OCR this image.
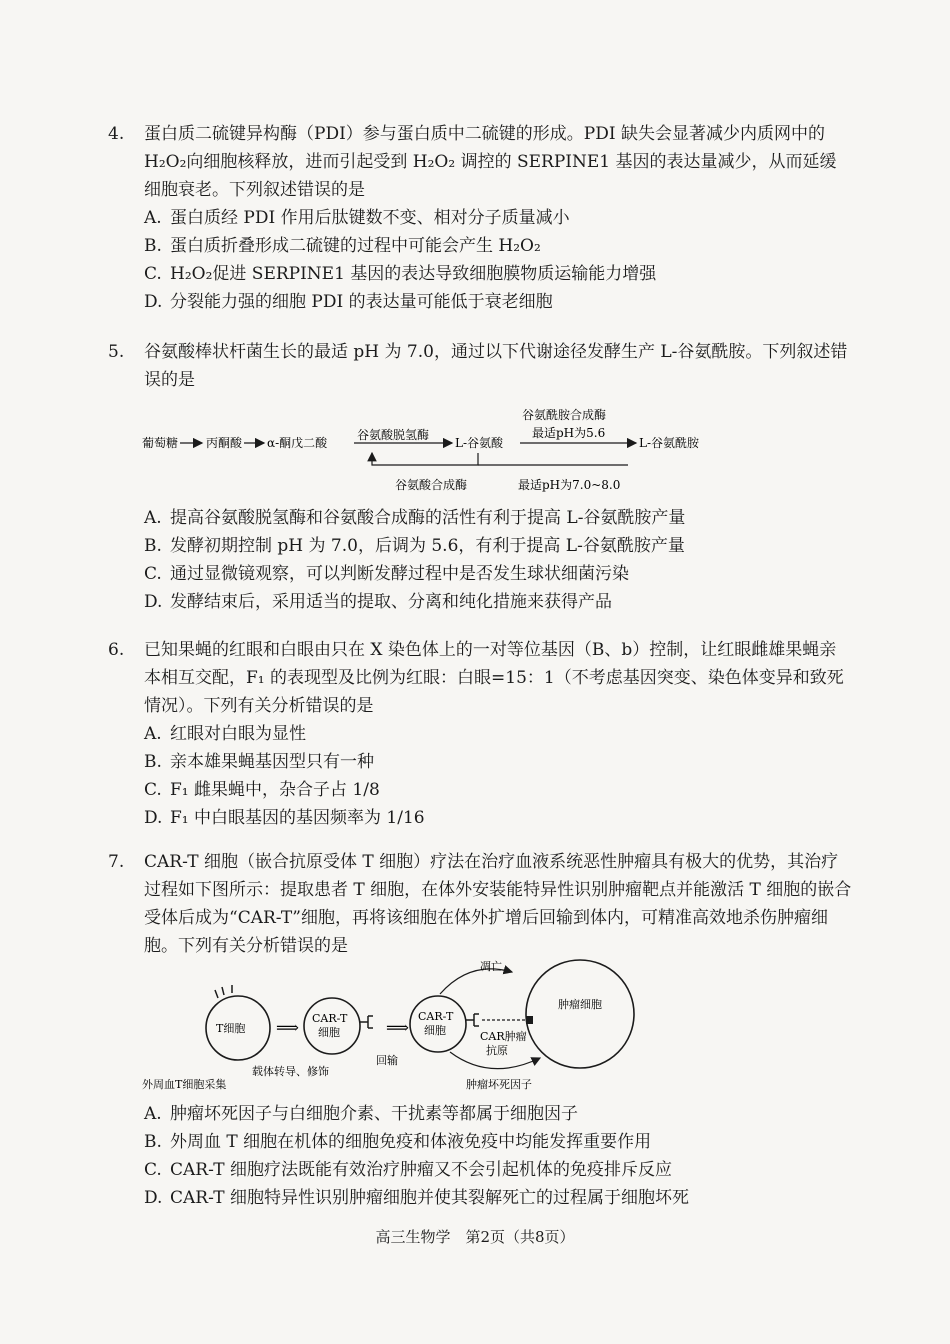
4.	蛋白质二硫键异构酶（PDI）参与蛋白质中二硫键的形成。PDI 缺失会显著减少内质网中的 H₂O₂向细胞核释放，进而引起受到 H₂O₂ 调控的 SERPINE1 基因的表达量减少，从而延缓细胞衰老。下列叙述错误的是
A. 蛋白质经 PDI 作用后肽键数不变、相对分子质量减小
B. 蛋白质折叠形成二硫键的过程中可能会产生 H₂O₂
C. H₂O₂促进 SERPINE1 基因的表达导致细胞膜物质运输能力增强
D. 分裂能力强的细胞 PDI 的表达量可能低于衰老细胞
5.	谷氨酸棒状杆菌生长的最适 pH 为 7.0，通过以下代谢途径发酵生产 L-谷氨酰胺。下列叙述错误的是
A. 提高谷氨酸脱氢酶和谷氨酸合成酶的活性有利于提高 L-谷氨酰胺产量
B. 发酵初期控制 pH 为 7.0，后调为 5.6，有利于提高 L-谷氨酰胺产量
C. 通过显微镜观察，可以判断发酵过程中是否发生球状细菌污染
D. 发酵结束后，采用适当的提取、分离和纯化措施来获得产品
葡萄糖 丙酮酸 α-酮戊二酸
谷氨酸脱氢酶
L-谷氨酸
谷氨酰胺合成酶
最适pH为5.6
L-谷氨酰胺
谷氨酸合成酶	最适pH为7.0~8.0
6.	已知果蝇的红眼和白眼由只在 X 染色体上的一对等位基因（B、b）控制，让红眼雌雄果蝇亲本相互交配，F₁ 的表现型及比例为红眼：白眼=15：1（不考虑基因突变、染色体变异和致死情况）。下列有关分析错误的是
A. 红眼对白眼为显性
B. 亲本雄果蝇基因型只有一种
C. F₁ 雌果蝇中，杂合子占 1/8
D. F₁ 中白眼基因的基因频率为 1/16
7.	CAR-T 细胞（嵌合抗原受体 T 细胞）疗法在治疗血液系统恶性肿瘤具有极大的优势，其治疗过程如下图所示：提取患者 T 细胞，在体外安装能特异性识别肿瘤靶点并能激活 T 细胞的嵌合受体后成为“CAR-T”细胞，再将该细胞在体外扩增后回输到体内，可精准高效地杀伤肿瘤细胞。下列有关分析错误的是
A. 肿瘤坏死因子与白细胞介素、干扰素等都属于细胞因子
B. 外周血 T 细胞在机体的细胞免疫和体液免疫中均能发挥重要作用
C. CAR-T 细胞疗法既能有效治疗肿瘤又不会引起机体的免疫排斥反应
D. CAR-T 细胞特异性识别肿瘤细胞并使其裂解死亡的过程属于细胞坏死
T细胞 ⟹ CAR-T
细胞
载体转导、修饰
⟹
回输
CAR-T
细胞
凋亡
肿瘤细胞
CAR肿瘤
抗原
肿瘤坏死因子
外周血T细胞采集
高三生物学　第2页（共8页）
